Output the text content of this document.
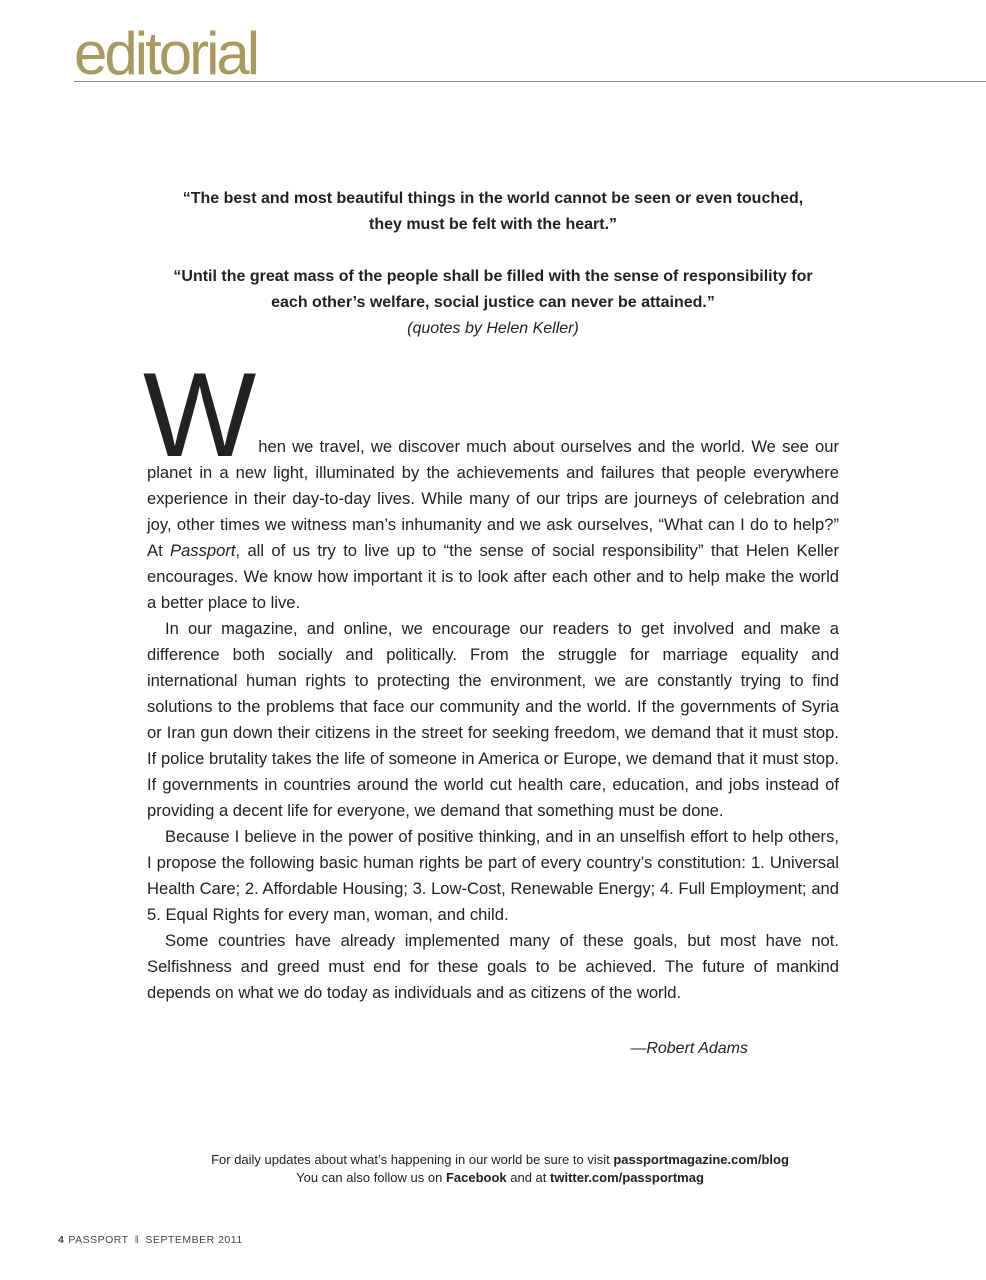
editorial

“The best and most beautiful things in the world cannot be seen or even touched,

they must be felt with the heart.”

“Until the great mass of the people shall be filled with the sense of responsibility for

each other’s welfare, social justice can never be attained.”

(quotes by Helen Keller)

W hen we travel, we discover much about ourselves and the world. We see our planet in a new light, illuminated by the achievements and failures that people everywhere experience in their day-to-day lives. While many of our trips are journeys of celebration and joy, other times we witness man’s inhumanity and we ask ourselves, “What can I do to help?” At Passport, all of us try to live up to “the sense of social responsibility” that Helen Keller encourages. We know how important it is to look after each other and to help make the world a better place to live.

In our magazine, and online, we encourage our readers to get involved and make a difference both socially and politically. From the struggle for marriage equality and international human rights to protecting the environment, we are constantly trying to find solutions to the problems that face our community and the world. If the governments of Syria or Iran gun down their citizens in the street for seeking freedom, we demand that it must stop. If police brutality takes the life of someone in America or Europe, we demand that it must stop. If governments in countries around the world cut health care, education, and jobs instead of providing a decent life for everyone, we demand that something must be done.

Because I believe in the power of positive thinking, and in an unselfish effort to help others, I propose the following basic human rights be part of every country’s constitution: 1. Universal Health Care; 2. Affordable Housing; 3. Low-Cost, Renewable Energy; 4. Full Employment; and 5. Equal Rights for every man, woman, and child.

Some countries have already implemented many of these goals, but most have not. Selfishness and greed must end for these goals to be achieved. The future of mankind depends on what we do today as individuals and as citizens of the world.

—Robert Adams

For daily updates about what’s happening in our world be sure to visit passportmagazine.com/blog

You can also follow us on Facebook and at twitter.com/passportmag

4 PASSPORT ‖ SEPTEMBER 2011
